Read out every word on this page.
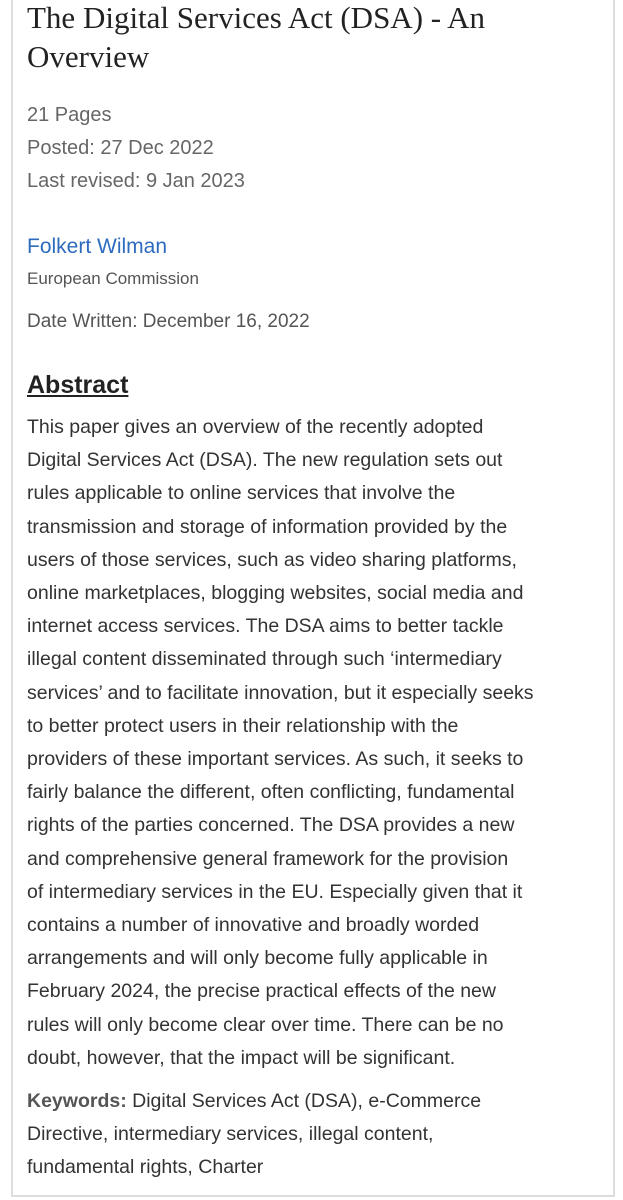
The Digital Services Act (DSA) - An
Overview
21 Pages
Posted: 27 Dec 2022
Last revised: 9 Jan 2023
Folkert Wilman
European Commission
Date Written: December 16, 2022
Abstract
This paper gives an overview of the recently adopted
Digital Services Act (DSA). The new regulation sets out
rules applicable to online services that involve the
transmission and storage of information provided by the
users of those services, such as video sharing platforms,
online marketplaces, blogging websites, social media and
internet access services. The DSA aims to better tackle
illegal content disseminated through such ‘intermediary
services’ and to facilitate innovation, but it especially seeks
to better protect users in their relationship with the
providers of these important services. As such, it seeks to
fairly balance the different, often conflicting, fundamental
rights of the parties concerned. The DSA provides a new
and comprehensive general framework for the provision
of intermediary services in the EU. Especially given that it
contains a number of innovative and broadly worded
arrangements and will only become fully applicable in
February 2024, the precise practical effects of the new
rules will only become clear over time. There can be no
doubt, however, that the impact will be significant.
Keywords: Digital Services Act (DSA), e-Commerce
Directive, intermediary services, illegal content,
fundamental rights, Charter
